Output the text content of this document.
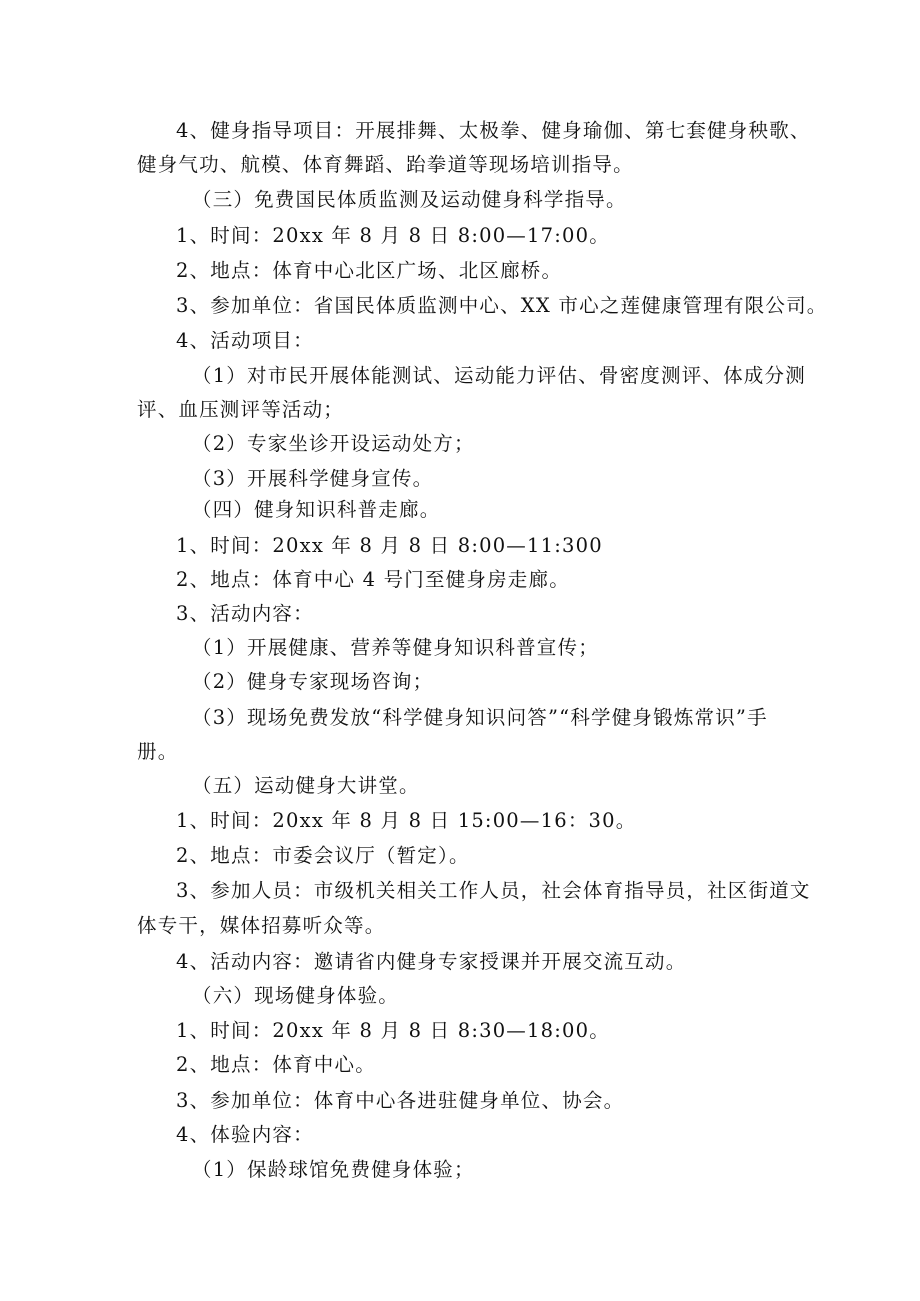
4、健身指导项目：开展排舞、太极拳、健身瑜伽、第七套健身秧歌、
健身气功、航模、体育舞蹈、跆拳道等现场培训指导。
（三）免费国民体质监测及运动健身科学指导。
1、时间：20xx 年 8 月 8 日 8:00—17:00。
2、地点：体育中心北区广场、北区廊桥。
3、参加单位：省国民体质监测中心、XX 市心之莲健康管理有限公司。
4、活动项目：
（1）对市民开展体能测试、运动能力评估、骨密度测评、体成分测
评、血压测评等活动；
（2）专家坐诊开设运动处方；
（3）开展科学健身宣传。
（四）健身知识科普走廊。
1、时间：20xx 年 8 月 8 日 8:00—11:300
2、地点：体育中心 4 号门至健身房走廊。
3、活动内容：
（1）开展健康、营养等健身知识科普宣传；
（2）健身专家现场咨询；
（3）现场免费发放“科学健身知识问答”“科学健身锻炼常识”手
册。
（五）运动健身大讲堂。
1、时间：20xx 年 8 月 8 日 15:00—16：30。
2、地点：市委会议厅（暂定）。
3、参加人员：市级机关相关工作人员，社会体育指导员，社区街道文
体专干，媒体招募听众等。
4、活动内容：邀请省内健身专家授课并开展交流互动。
（六）现场健身体验。
1、时间：20xx 年 8 月 8 日 8:30—18:00。
2、地点：体育中心。
3、参加单位：体育中心各进驻健身单位、协会。
4、体验内容：
（1）保龄球馆免费健身体验；
